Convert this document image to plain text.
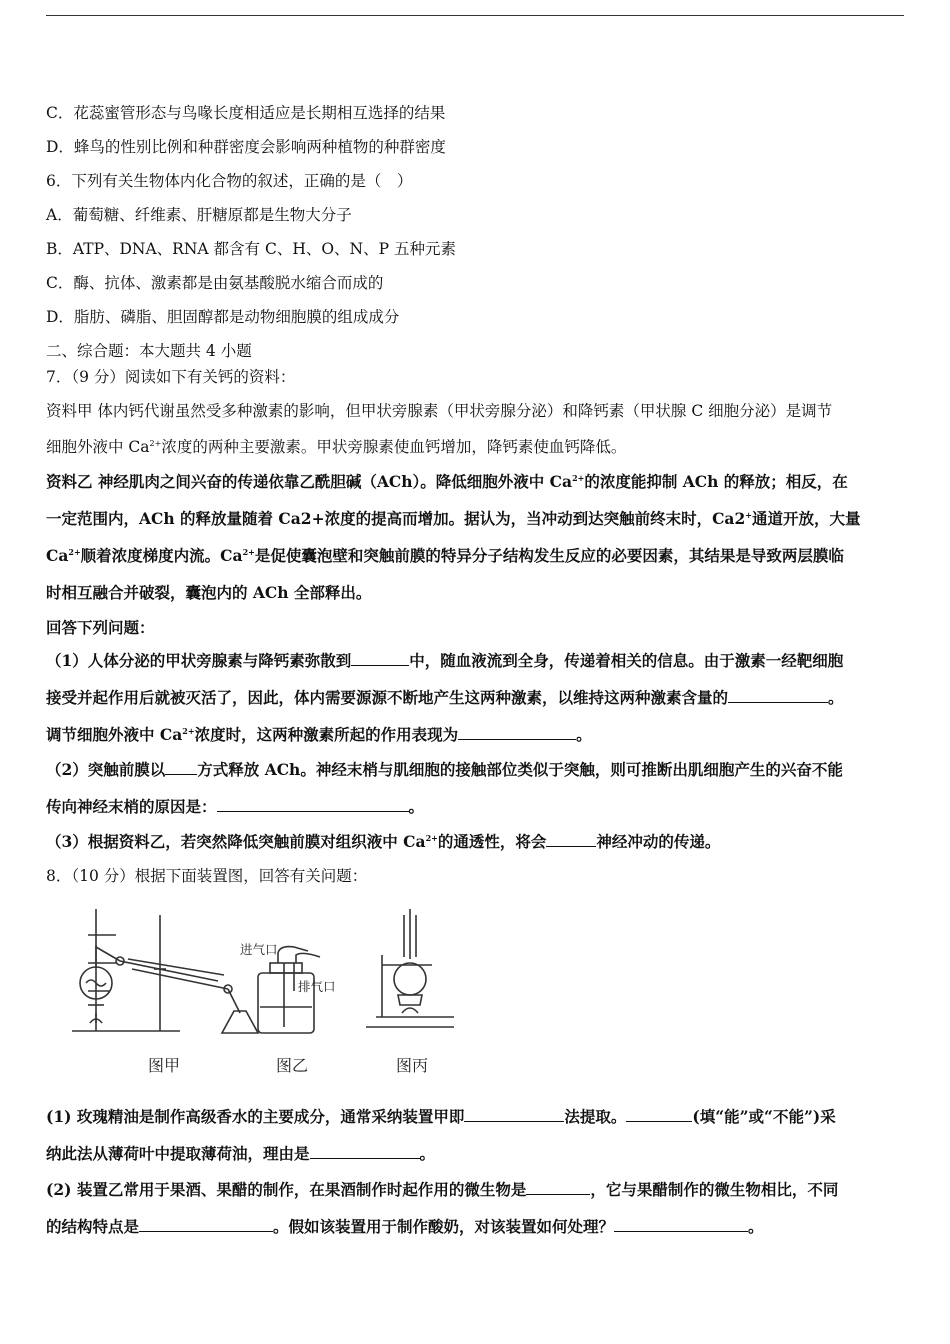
C．花蕊蜜管形态与鸟喙长度相适应是长期相互选择的结果
D．蜂鸟的性别比例和种群密度会影响两种植物的种群密度
6．下列有关生物体内化合物的叙述，正确的是（　）
A．葡萄糖、纤维素、肝糖原都是生物大分子
B．ATP、DNA、RNA 都含有 C、H、O、N、P 五种元素
C．酶、抗体、激素都是由氨基酸脱水缩合而成的
D．脂肪、磷脂、胆固醇都是动物细胞膜的组成成分
二、综合题：本大题共 4 小题
7．（9 分）阅读如下有关钙的资料：
资料甲 体内钙代谢虽然受多种激素的影响，但甲状旁腺素（甲状旁腺分泌）和降钙素（甲状腺 C 细胞分泌）是调节
细胞外液中 $Ca^{2+}$浓度的两种主要激素。甲状旁腺素使血钙增加，降钙素使血钙降低。
资料乙 神经肌肉之间兴奋的传递依靠乙酰胆碱（ACh）。降低细胞外液中 $Ca^{2+}$的浓度能抑制 ACh 的释放；相反，在
一定范围内，ACh 的释放量随着 Ca2+浓度的提高而增加。据认为，当冲动到达突触前终末时，Ca2+通道开放，大量
$Ca^{2+}$顺着浓度梯度内流。$Ca^{2+}$是促使囊泡壁和突触前膜的特异分子结构发生反应的必要因素，其结果是导致两层膜临
时相互融合并破裂，囊泡内的 ACh 全部释出。
回答下列问题：
（1）人体分泌的甲状旁腺素与降钙素弥散到	中，随血液流到全身，传递着相关的信息。由于激素一经靶细胞
接受并起作用后就被灭活了，因此，体内需要源源不断地产生这两种激素，以维持这两种激素含量的	。
调节细胞外液中 $Ca^{2+}$浓度时，这两种激素所起的作用表现为	。
（2）突触前膜以 方式释放 ACh。神经末梢与肌细胞的接触部位类似于突触，则可推断出肌细胞产生的兴奋不能
传向神经末梢的原因是：	。
（3）根据资料乙，若突然降低突触前膜对组织液中 $Ca^{2+}$的通透性，将会	神经冲动的传递。
8．（10 分）根据下面装置图，回答有关问题：
进气口
排气口
图甲	图乙	图丙
(1) 玫瑰精油是制作高级香水的主要成分，通常采纳装置甲即	法提取。	(填“能”或“不能”)采
纳此法从薄荷叶中提取薄荷油，理由是	。
(2) 装置乙常用于果酒、果醋的制作，在果酒制作时起作用的微生物是	，它与果醋制作的微生物相比，不同
的结构特点是	。假如该装置用于制作酸奶，对该装置如何处理？	。
